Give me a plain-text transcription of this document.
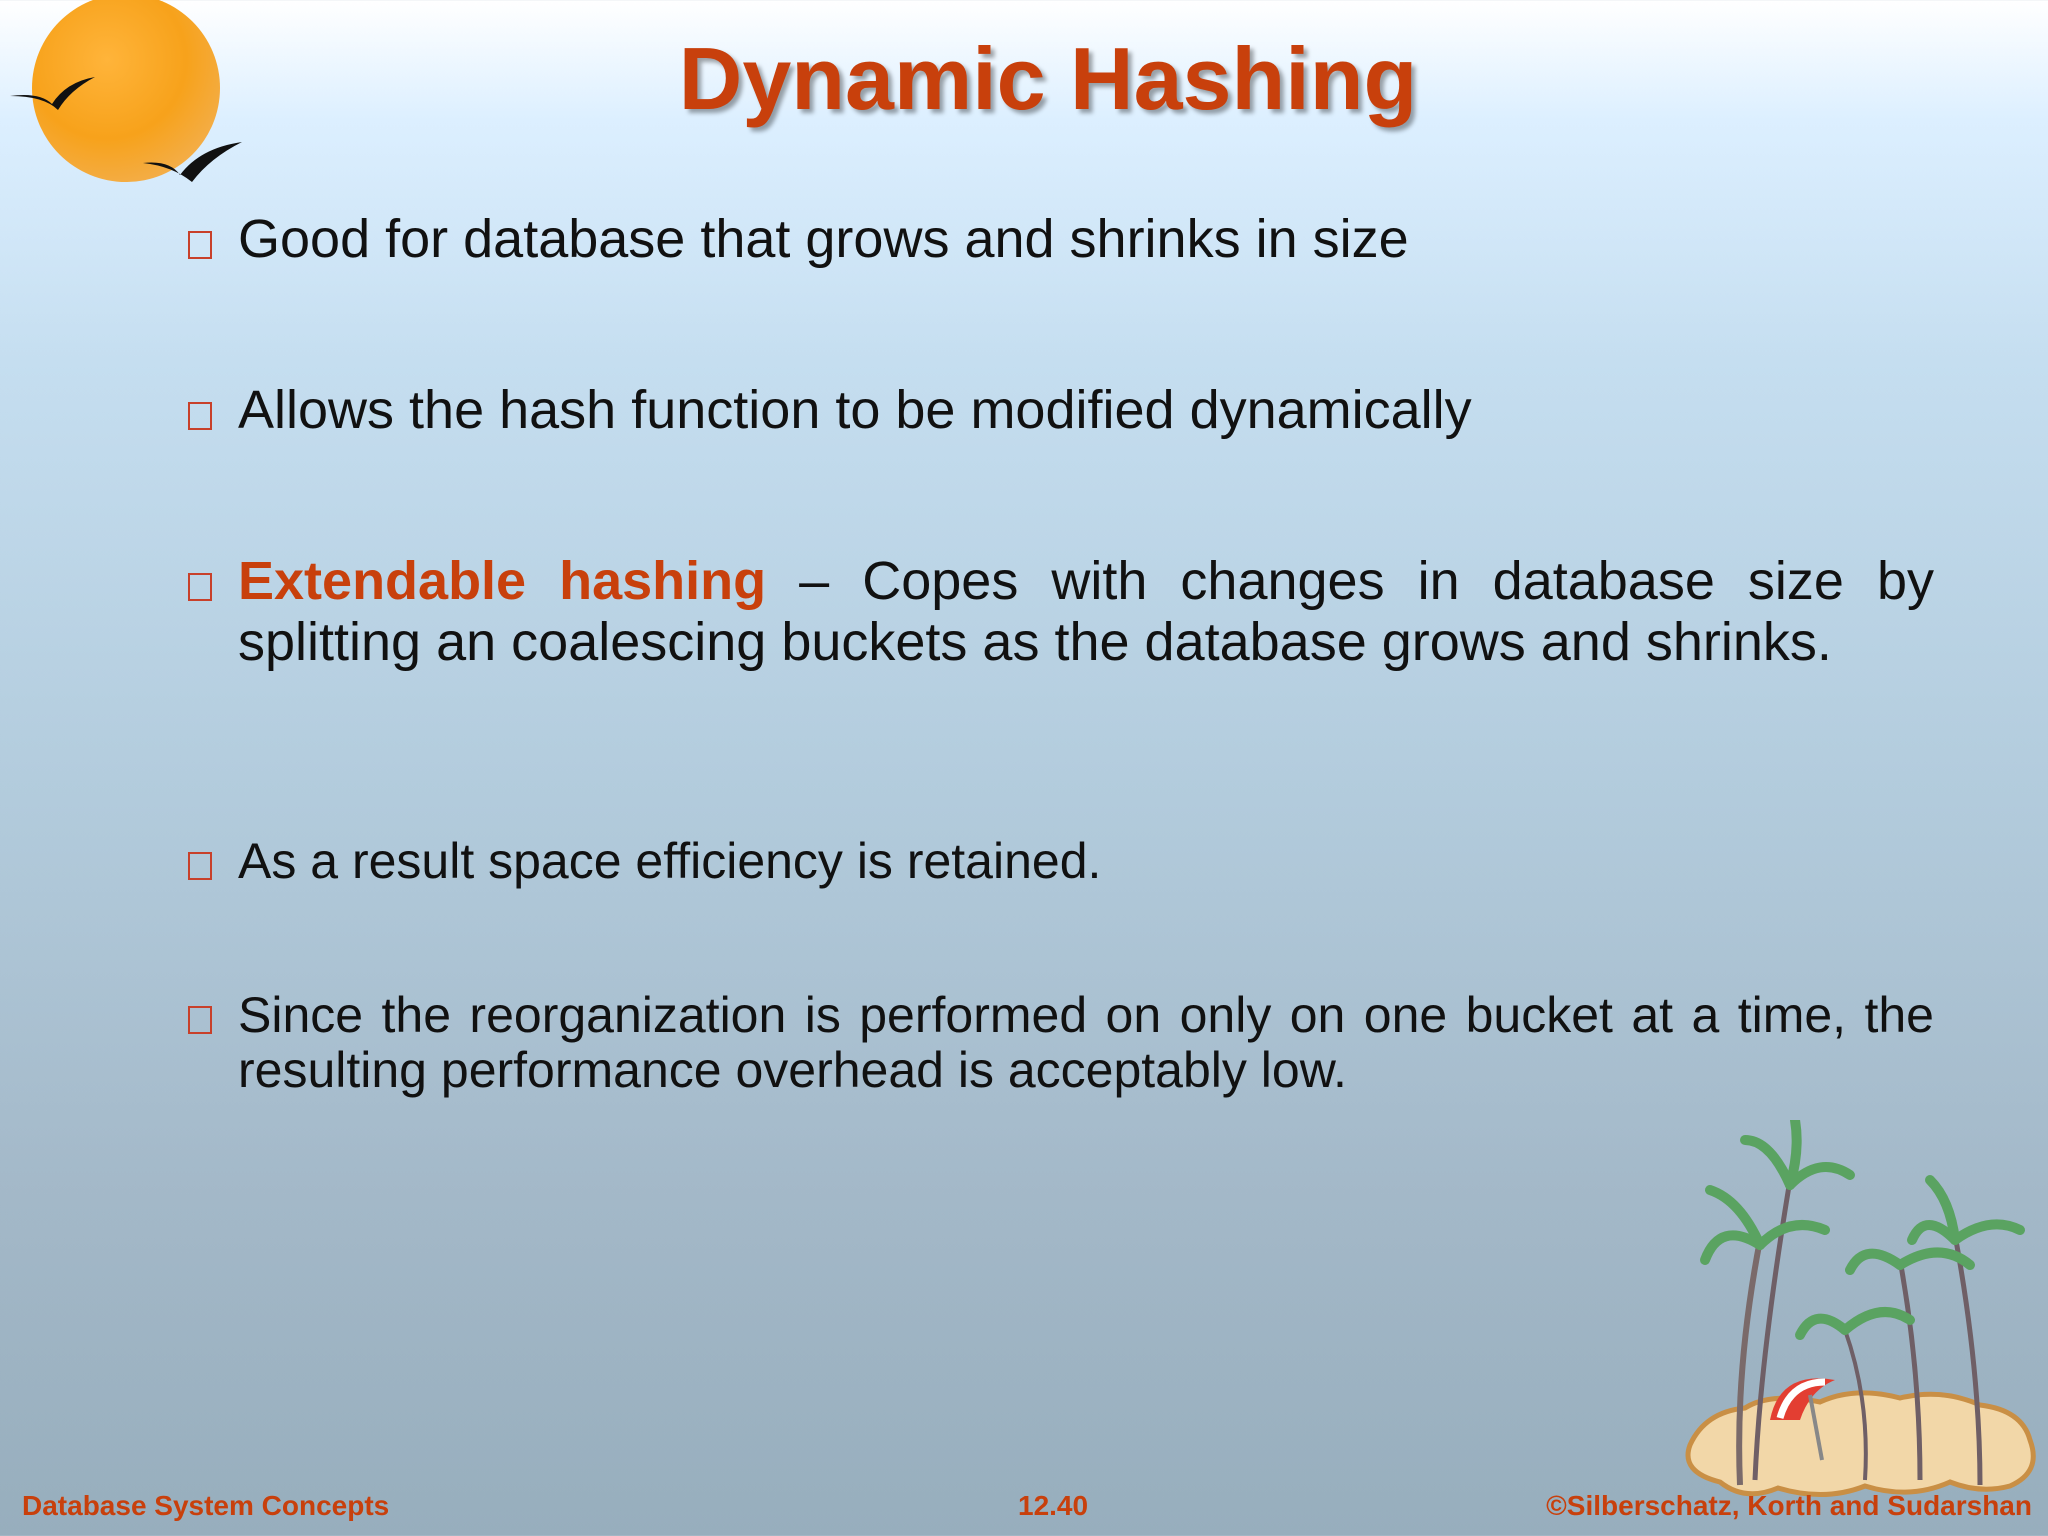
Dynamic Hashing

Good for database that grows and shrinks in size

Allows the hash function to be modified dynamically

Extendable hashing – Copes with changes in database size by splitting an coalescing buckets as the database grows and shrinks.

As a result space efficiency is retained.

Since the reorganization is performed on only on one bucket at a time, the resulting performance overhead is acceptably low.

Database System Concepts	12.40	©Silberschatz, Korth and Sudarshan
